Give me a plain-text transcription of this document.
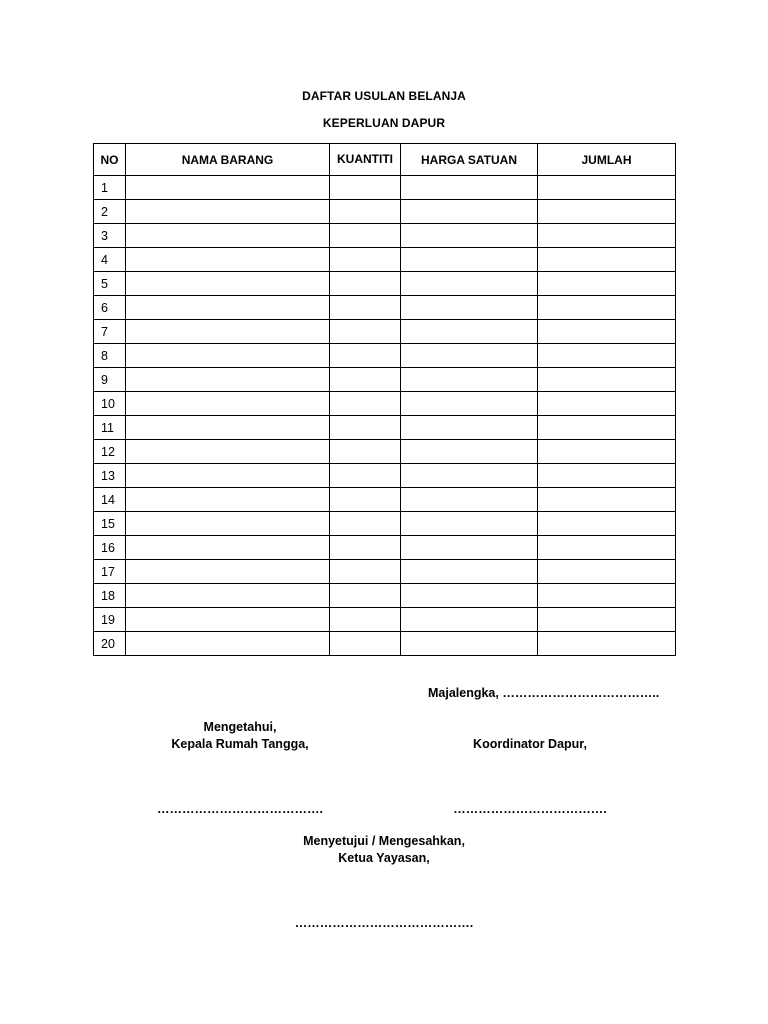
DAFTAR USULAN BELANJA
KEPERLUAN DAPUR
NO	NAMA BARANG	KUANTITI	HARGA SATUAN	JUMLAH
1				
2				
3				
4				
5				
6				
7				
8				
9				
10				
11				
12				
13				
14				
15				
16				
17				
18				
19				
20				
Majalengka, ………………………………..
Mengetahui,
Kepala Rumah Tangga,	Koordinator Dapur,
………………………………….	……………………………….
Menyetujui / Mengesahkan,
Ketua Yayasan,
…………………………………….
